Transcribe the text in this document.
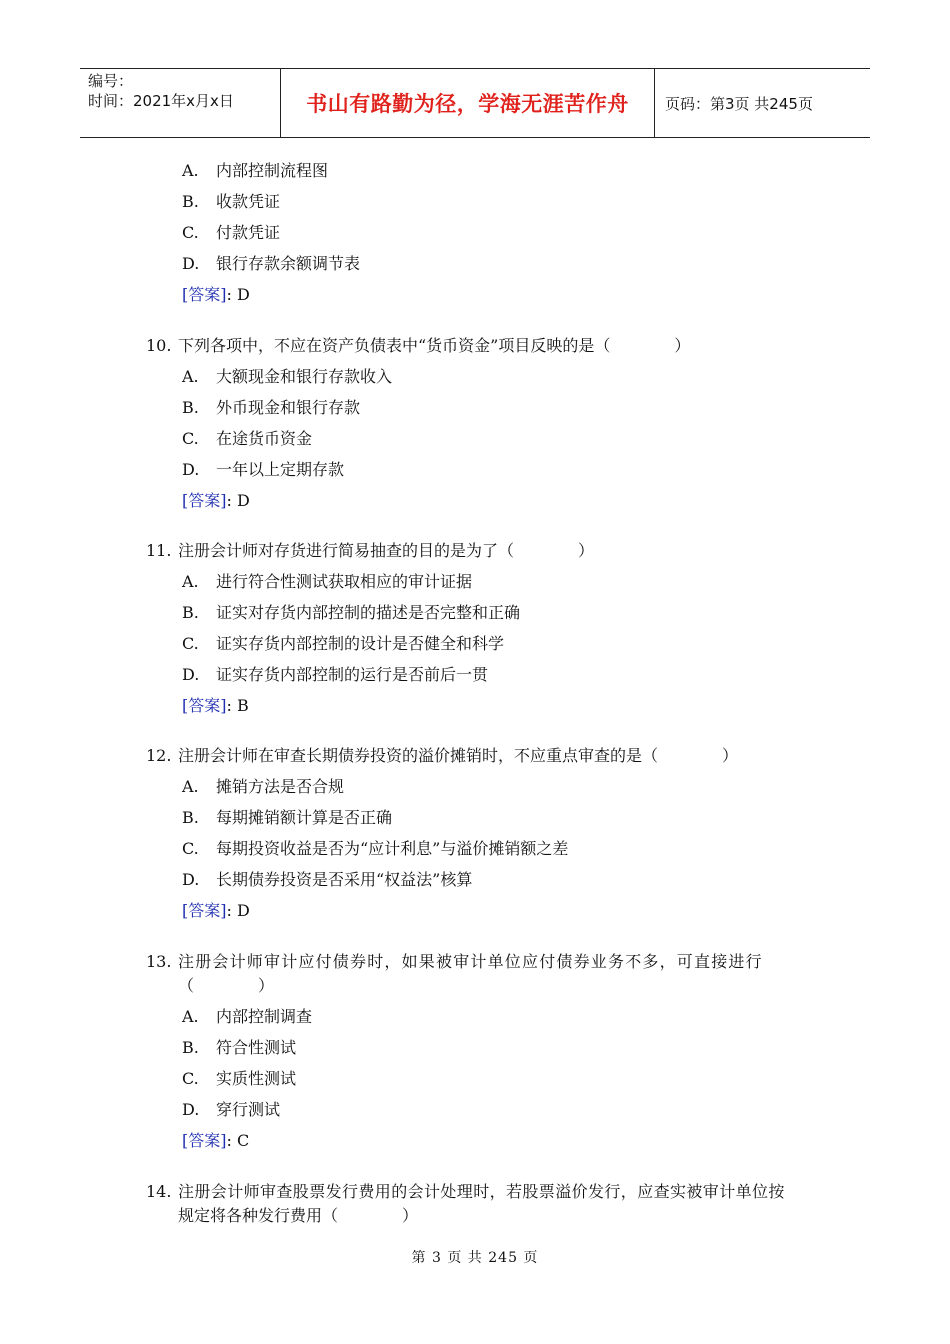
编号：
时间：2021年x月x日	书山有路勤为径，学海无涯苦作舟	页码：第3页 共245页
A. 内部控制流程图
B. 收款凭证
C. 付款凭证
D. 银行存款余额调节表
[答案]: D
10. 下列各项中，不应在资产负债表中“货币资金”项目反映的是（　　　　）
A. 大额现金和银行存款收入
B. 外币现金和银行存款
C. 在途货币资金
D. 一年以上定期存款
[答案]: D
11. 注册会计师对存货进行简易抽查的目的是为了（　　　　）
A. 进行符合性测试获取相应的审计证据
B. 证实对存货内部控制的描述是否完整和正确
C. 证实存货内部控制的设计是否健全和科学
D. 证实存货内部控制的运行是否前后一贯
[答案]: B
12. 注册会计师在审查长期债券投资的溢价摊销时，不应重点审查的是（　　　　）
A. 摊销方法是否合规
B. 每期摊销额计算是否正确
C. 每期投资收益是否为“应计利息”与溢价摊销额之差
D. 长期债券投资是否采用“权益法”核算
[答案]: D
13. 注册会计师审计应付债券时，如果被审计单位应付债券业务不多，可直接进行
（　　　　）
A. 内部控制调查
B. 符合性测试
C. 实质性测试
D. 穿行测试
[答案]: C
14. 注册会计师审查股票发行费用的会计处理时，若股票溢价发行，应查实被审计单位按
规定将各种发行费用（　　　　）
第 3 页 共 245 页
